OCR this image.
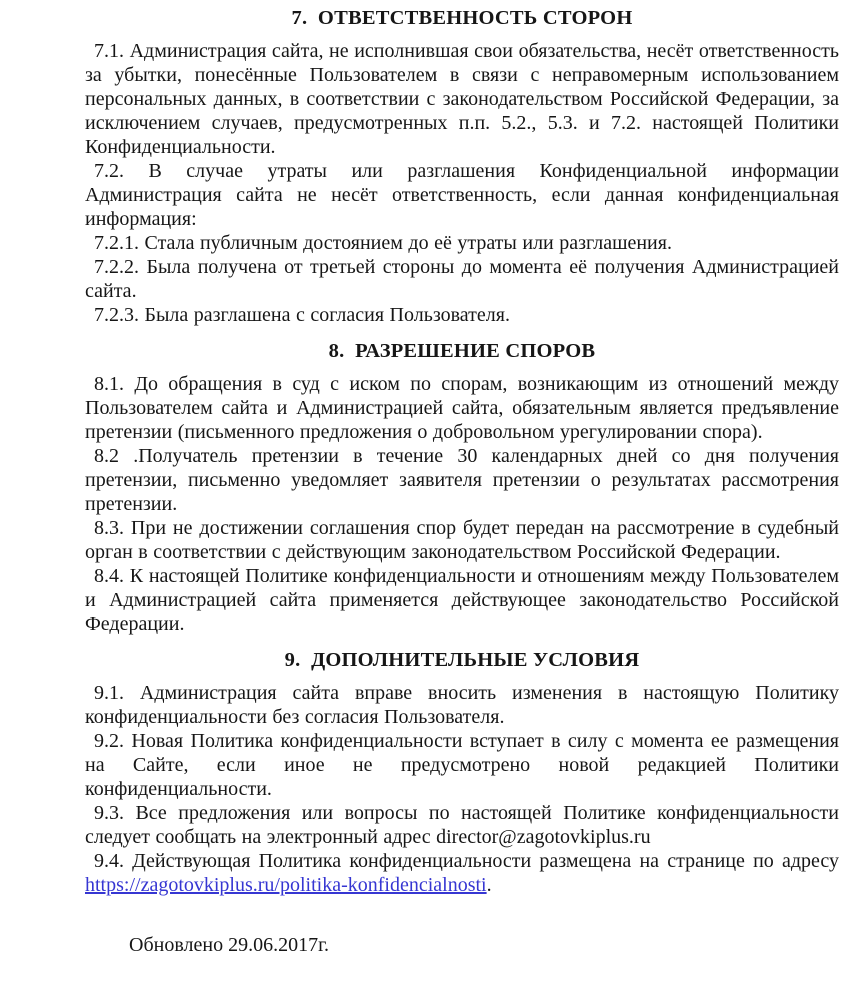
7.  ОТВЕТСТВЕННОСТЬ СТОРОН

7.1. Администрация сайта, не исполнившая свои обязательства, несёт ответственность за убытки, понесённые Пользователем в связи с неправомерным использованием персональных данных, в соответствии с законодательством Российской Федерации, за исключением случаев, предусмотренных п.п. 5.2., 5.3. и 7.2. настоящей Политики Конфиденциальности.

7.2. В случае утраты или разглашения Конфиденциальной информации Администрация сайта не несёт ответственность, если данная конфиденциальная информация:

7.2.1. Стала публичным достоянием до её утраты или разглашения.

7.2.2. Была получена от третьей стороны до момента её получения Администрацией сайта.

7.2.3. Была разглашена с согласия Пользователя.

8.  РАЗРЕШЕНИЕ СПОРОВ

8.1. До обращения в суд с иском по спорам, возникающим из отношений между Пользователем сайта и Администрацией сайта, обязательным является предъявление претензии (письменного предложения о добровольном урегулировании спора).

8.2 .Получатель претензии в течение 30 календарных дней со дня получения претензии, письменно уведомляет заявителя претензии о результатах рассмотрения претензии.

8.3. При не достижении соглашения спор будет передан на рассмотрение в судебный орган в соответствии с действующим законодательством Российской Федерации.

8.4. К настоящей Политике конфиденциальности и отношениям между Пользователем и Администрацией сайта применяется действующее законодательство Российской Федерации.

9.  ДОПОЛНИТЕЛЬНЫЕ УСЛОВИЯ

9.1. Администрация сайта вправе вносить изменения в настоящую Политику конфиденциальности без согласия Пользователя.

9.2. Новая Политика конфиденциальности вступает в силу с момента ее размещения на Сайте, если иное не предусмотрено новой редакцией Политики конфиденциальности.

9.3. Все предложения или вопросы по настоящей Политике конфиденциальности следует сообщать на электронный адрес director@zagotovkiplus.ru

9.4. Действующая Политика конфиденциальности размещена на странице по адресу https://zagotovkiplus.ru/politika-konfidencialnosti.

Обновлено 29.06.2017г.
